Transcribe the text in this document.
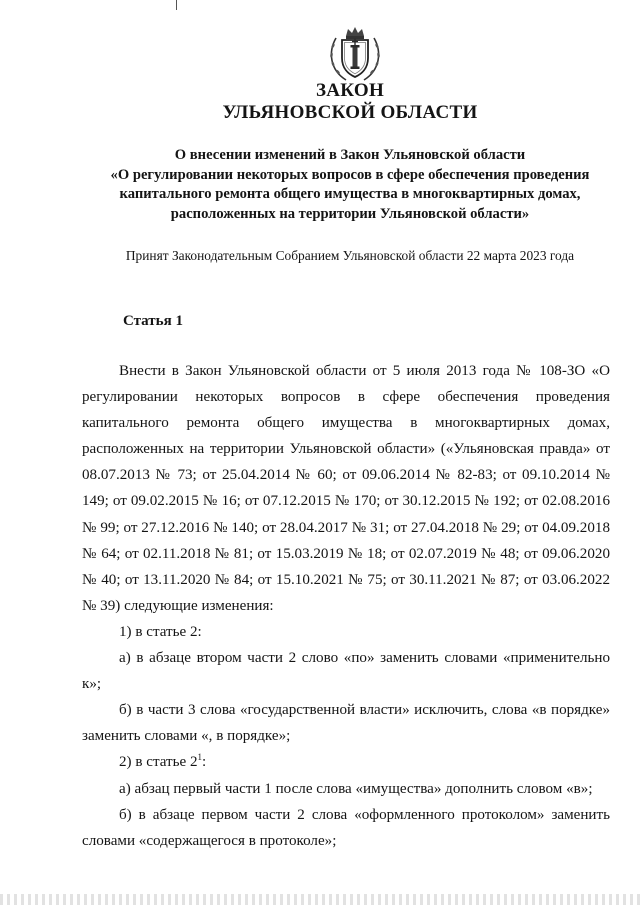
ЗАКОН
УЛЬЯНОВСКОЙ ОБЛАСТИ
О внесении изменений в Закон Ульяновской области
«О регулировании некоторых вопросов в сфере обеспечения проведения
капитального ремонта общего имущества в многоквартирных домах,
расположенных на территории Ульяновской области»
Принят Законодательным Собранием Ульяновской области 22 марта 2023 года
Статья 1

Внести в Закон Ульяновской области от 5 июля 2013 года № 108-ЗО «О регулировании некоторых вопросов в сфере обеспечения проведения капитального ремонта общего имущества в многоквартирных домах, расположенных на территории Ульяновской области» («Ульяновская правда» от 08.07.2013 № 73; от 25.04.2014 № 60; от 09.06.2014 № 82-83; от 09.10.2014 № 149; от 09.02.2015 № 16; от 07.12.2015 № 170; от 30.12.2015 № 192; от 02.08.2016 № 99; от 27.12.2016 № 140; от 28.04.2017 № 31; от 27.04.2018 № 29; от 04.09.2018 № 64; от 02.11.2018 № 81; от 15.03.2019 № 18; от 02.07.2019 № 48; от 09.06.2020 № 40; от 13.11.2020 № 84; от 15.10.2021 № 75; от 30.11.2021 № 87; от 03.06.2022 № 39) следующие изменения:

1) в статье 2:

а) в абзаце втором части 2 слово «по» заменить словами «применительно к»;

б) в части 3 слова «государственной власти» исключить, слова «в порядке» заменить словами «, в порядке»;

2) в статье $2^1$:

а) абзац первый части 1 после слова «имущества» дополнить словом «в»;

б) в абзаце первом части 2 слова «оформленного протоколом» заменить словами «содержащегося в протоколе»;
